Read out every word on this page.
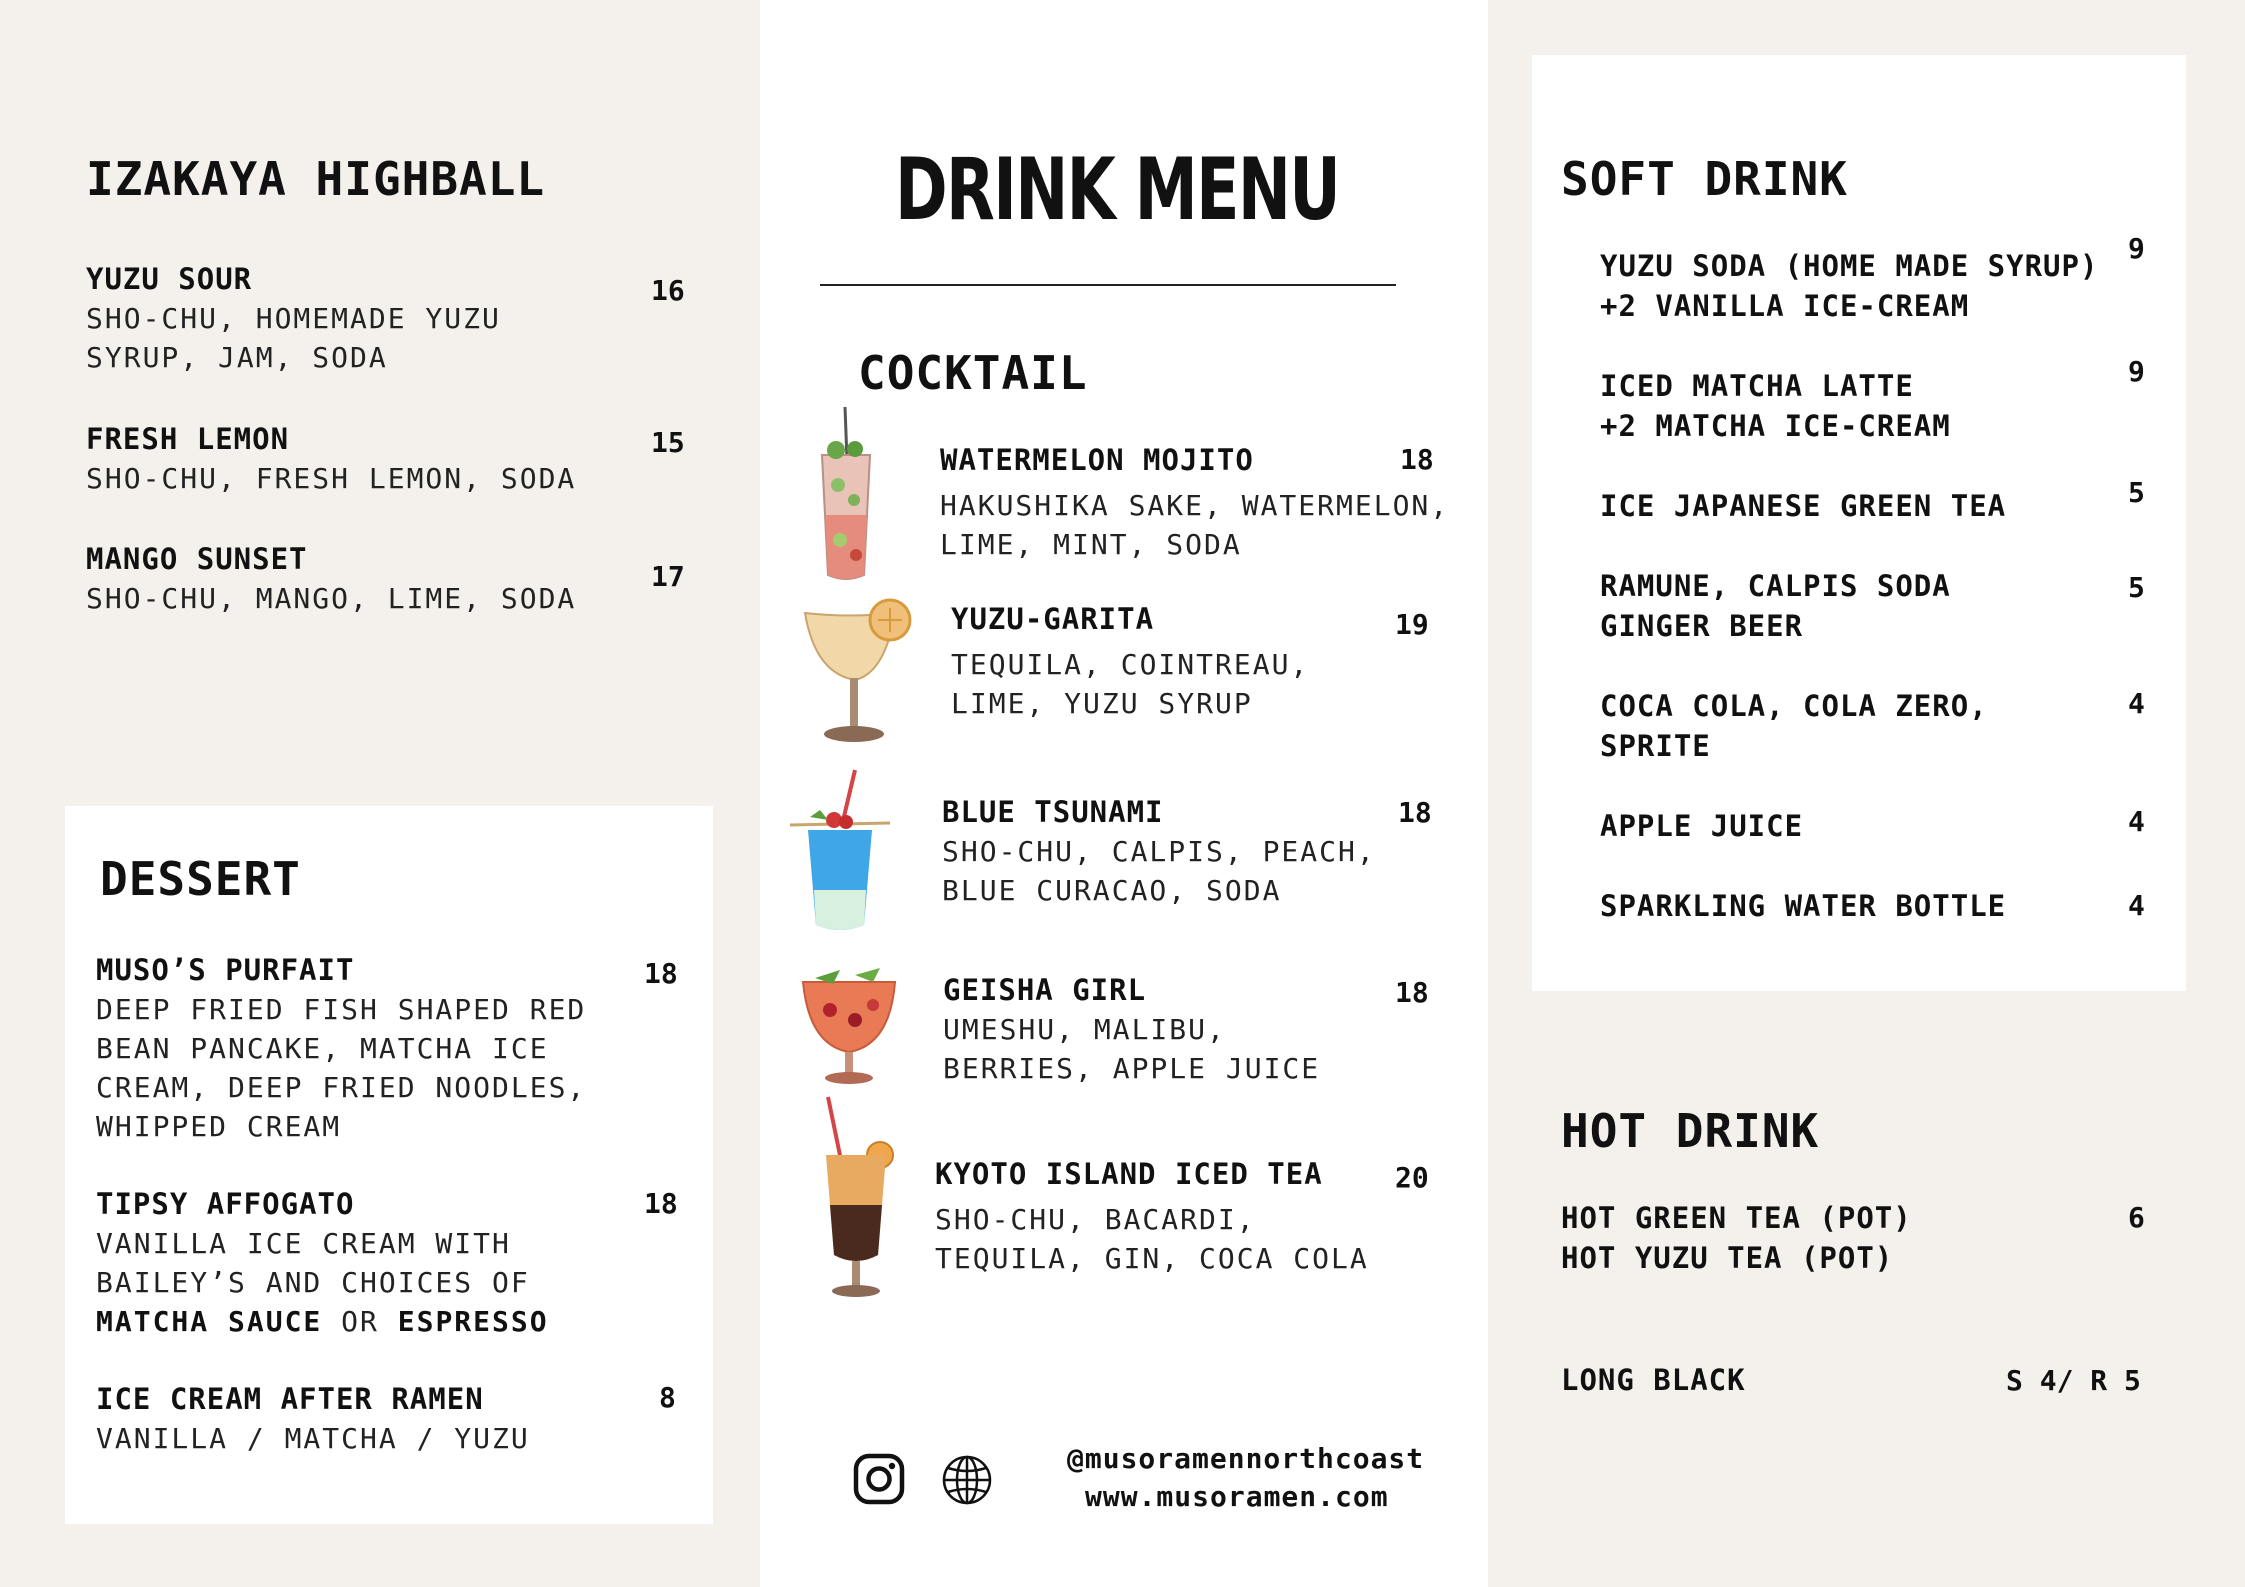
IZAKAYA HIGHBALL
YUZU SOUR
SHO-CHU, HOMEMADE YUZU
SYRUP, JAM, SODA
16
FRESH LEMON
SHO-CHU, FRESH LEMON, SODA
15
MANGO SUNSET
SHO-CHU, MANGO, LIME, SODA
17
DESSERT
MUSO’S PURFAIT
DEEP FRIED FISH SHAPED RED
BEAN PANCAKE, MATCHA ICE
CREAM, DEEP FRIED NOODLES,
WHIPPED CREAM
18
TIPSY AFFOGATO
VANILLA ICE CREAM WITH
BAILEY’S AND CHOICES OF
MATCHA SAUCE OR ESPRESSO
18
ICE CREAM AFTER RAMEN
VANILLA / MATCHA / YUZU
8
DRINK MENU
COCKTAIL
WATERMELON MOJITO
HAKUSHIKA SAKE, WATERMELON,
LIME, MINT, SODA
18
YUZU-GARITA
TEQUILA, COINTREAU,
LIME, YUZU SYRUP
19
BLUE TSUNAMI
SHO-CHU, CALPIS, PEACH,
BLUE CURACAO, SODA
18
GEISHA GIRL
UMESHU, MALIBU,
BERRIES, APPLE JUICE
18
KYOTO ISLAND ICED TEA
SHO-CHU, BACARDI,
TEQUILA, GIN, COCA COLA
20
@musoramennorthcoast
www.musoramen.com
SOFT DRINK
YUZU SODA (HOME MADE SYRUP)
+2 VANILLA ICE-CREAM
9
ICED MATCHA LATTE
+2 MATCHA ICE-CREAM
9
ICE JAPANESE GREEN TEA	5
RAMUNE, CALPIS SODA
GINGER BEER
5
COCA COLA, COLA ZERO,
SPRITE
4
APPLE JUICE	4
SPARKLING WATER BOTTLE	4
HOT DRINK
HOT GREEN TEA (POT)
HOT YUZU TEA (POT)
6
LONG BLACK	S 4/ R 5
